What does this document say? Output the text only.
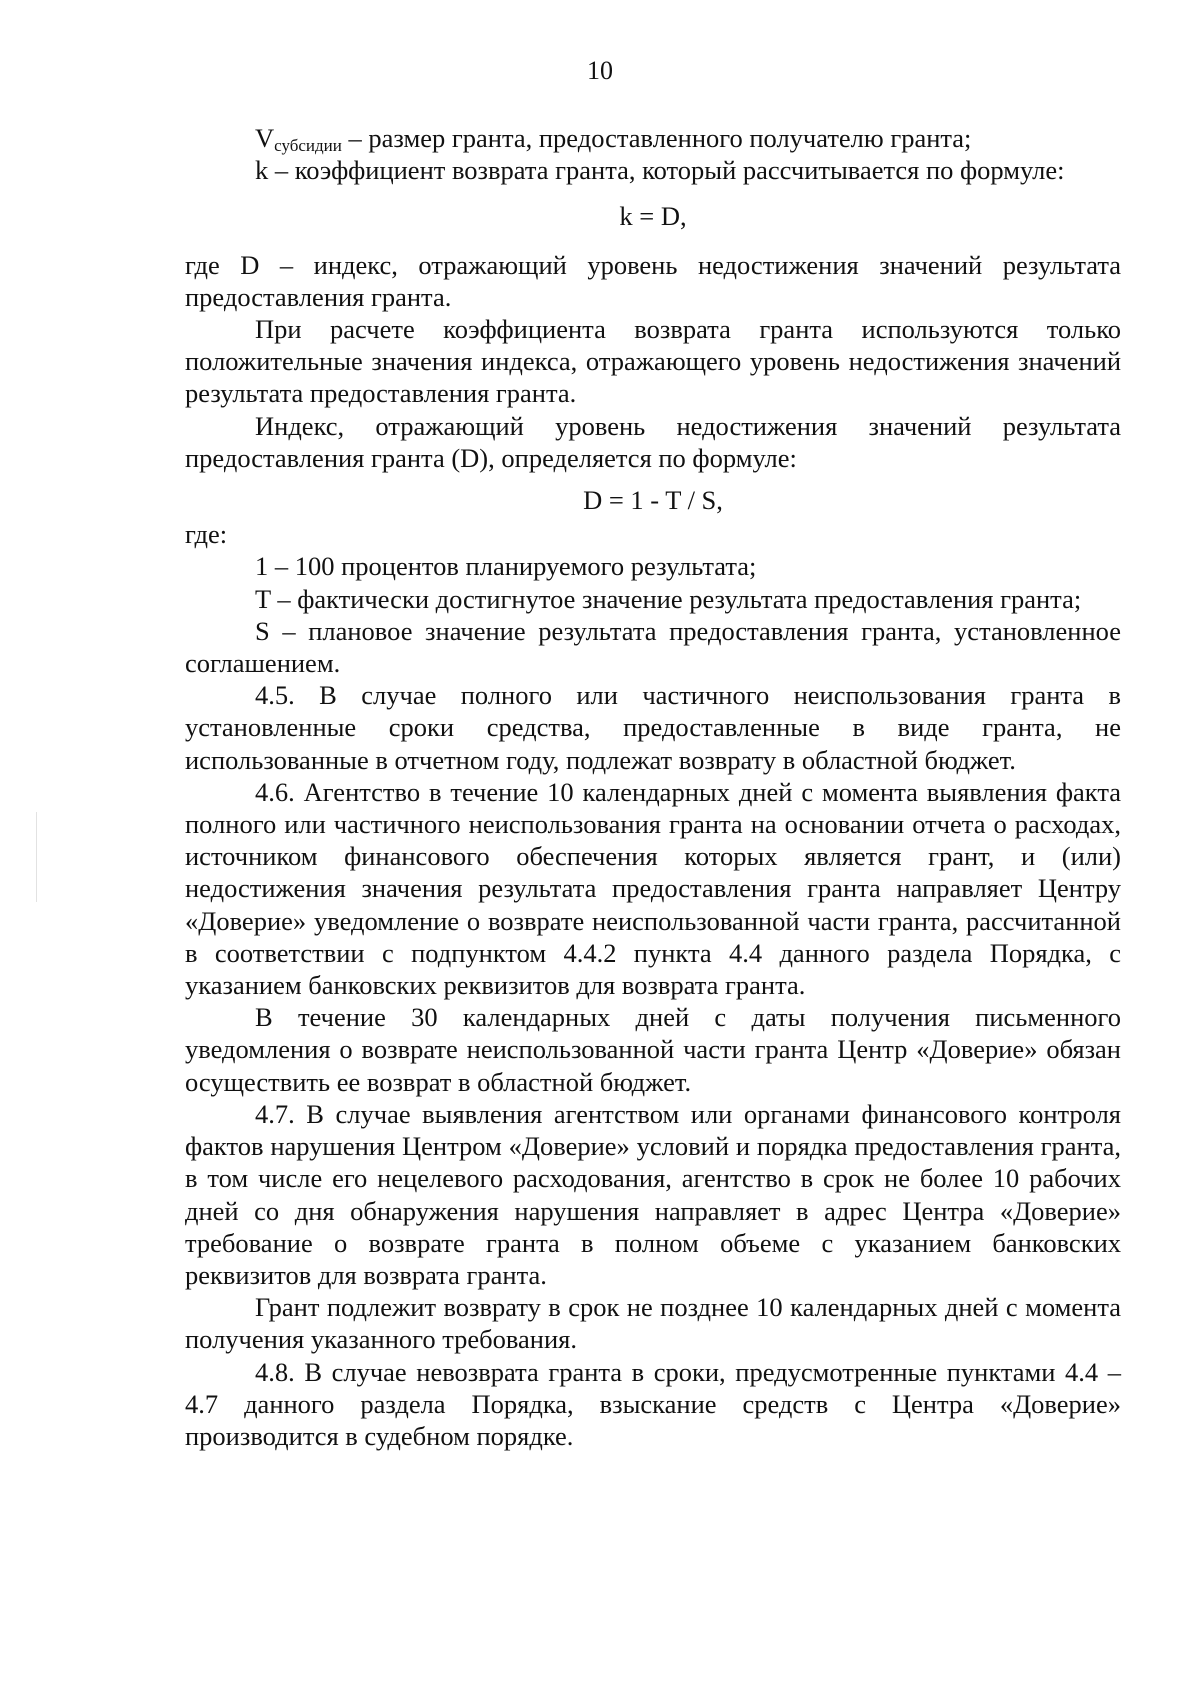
10

$V_{субсидии}$ – размер гранта, предоставленного получателю гранта;

k – коэффициент возврата гранта, который рассчитывается по формуле:

k = D,

где D – индекс, отражающий уровень недостижения значений результата предоставления гранта.

При расчете коэффициента возврата гранта используются только положительные значения индекса, отражающего уровень недостижения значений результата предоставления гранта.

Индекс, отражающий уровень недостижения значений результата предоставления гранта (D), определяется по формуле:

D = 1 - T / S,

где:

1 – 100 процентов планируемого результата;

T – фактически достигнутое значение результата предоставления гранта;

S – плановое значение результата предоставления гранта, установленное соглашением.

4.5. В случае полного или частичного неиспользования гранта в установленные сроки средства, предоставленные в виде гранта, не использованные в отчетном году, подлежат возврату в областной бюджет.

4.6. Агентство в течение 10 календарных дней с момента выявления факта полного или частичного неиспользования гранта на основании отчета о расходах, источником финансового обеспечения которых является грант, и (или) недостижения значения результата предоставления гранта направляет Центру «Доверие» уведомление о возврате неиспользованной части гранта, рассчитанной в соответствии с подпунктом 4.4.2 пункта 4.4 данного раздела Порядка, с указанием банковских реквизитов для возврата гранта.

В течение 30 календарных дней с даты получения письменного уведомления о возврате неиспользованной части гранта Центр «Доверие» обязан осуществить ее возврат в областной бюджет.

4.7. В случае выявления агентством или органами финансового контроля фактов нарушения Центром «Доверие» условий и порядка предоставления гранта, в том числе его нецелевого расходования, агентство в срок не более 10 рабочих дней со дня обнаружения нарушения направляет в адрес Центра «Доверие» требование о возврате гранта в полном объеме с указанием банковских реквизитов для возврата гранта.

Грант подлежит возврату в срок не позднее 10 календарных дней с момента получения указанного требования.

4.8. В случае невозврата гранта в сроки, предусмотренные пунктами 4.4 – 4.7 данного раздела Порядка, взыскание средств с Центра «Доверие» производится в судебном порядке.
